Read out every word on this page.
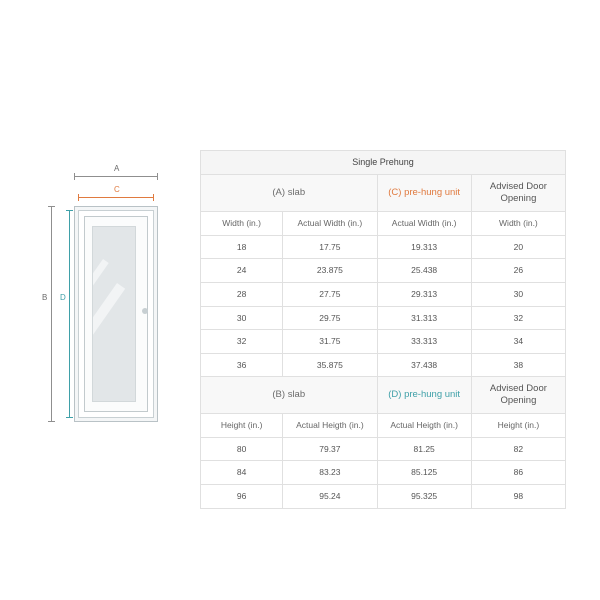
A
C
B D
Single Prehung			
(A) slab		(C) pre-hung unit	Advised Door Opening
Width (in.)	Actual Width (in.)	Actual Width (in.)	Width (in.)
18	17.75	19.313	20
24	23.875	25.438	26
28	27.75	29.313	30
30	29.75	31.313	32
32	31.75	33.313	34
36	35.875	37.438	38
(B) slab		(D) pre-hung unit	Advised Door Opening
Height (in.)	Actual Heigth (in.)	Actual Heigth (in.)	Height (in.)
80	79.37	81.25	82
84	83.23	85.125	86
96	95.24	95.325	98
